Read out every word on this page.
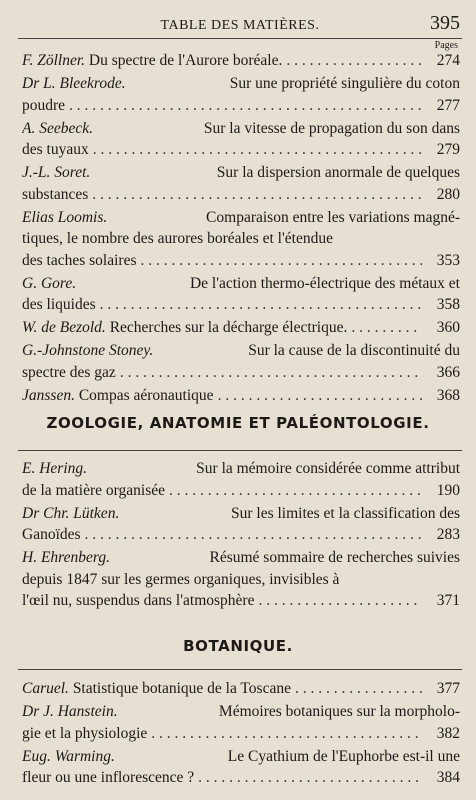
TABLE DES MATIÈRES.	395
Pages
ZOOLOGIE, ANATOMIE ET PALÉONTOLOGIE.
BOTANIQUE.
F. Zöllner. Du spectre de l'Aurore boréale. . . .	274
Dr L. Bleekrode.	Sur une propriété singulière du coton
poudre . . .	277
A. Seebeck.	Sur la vitesse de propagation du son dans
des tuyaux . . .	279
J.-L. Soret.	Sur la dispersion anormale de quelques
substances . . .	280
Elias Loomis.	Comparaison entre les variations magné-
tiques, le nombre des aurores boréales et l'étendue
des taches solaires . . .	353
G. Gore.	De l'action thermo-électrique des métaux et
des liquides . . .	358
W. de Bezold. Recherches sur la décharge électrique. . . .	360
G.-Johnstone Stoney.	Sur la cause de la discontinuité du
spectre des gaz . . .	366
Janssen. Compas aéronautique . . .	368
E. Hering.	Sur la mémoire considérée comme attribut
de la matière organisée . . .	190
Dr Chr. Lütken.	Sur les limites et la classification des
Ganoïdes . . .	283
H. Ehrenberg.	Résumé sommaire de recherches suivies
depuis 1847 sur les germes organiques, invisibles à
l'œil nu, suspendus dans l'atmosphère . . .	371
Caruel. Statistique botanique de la Toscane . . .	377
Dr J. Hanstein.	Mémoires botaniques sur la morpholo-
gie et la physiologie . . .	382
Eug. Warming.	Le Cyathium de l'Euphorbe est-il une
fleur ou une inflorescence ? . . .	384
